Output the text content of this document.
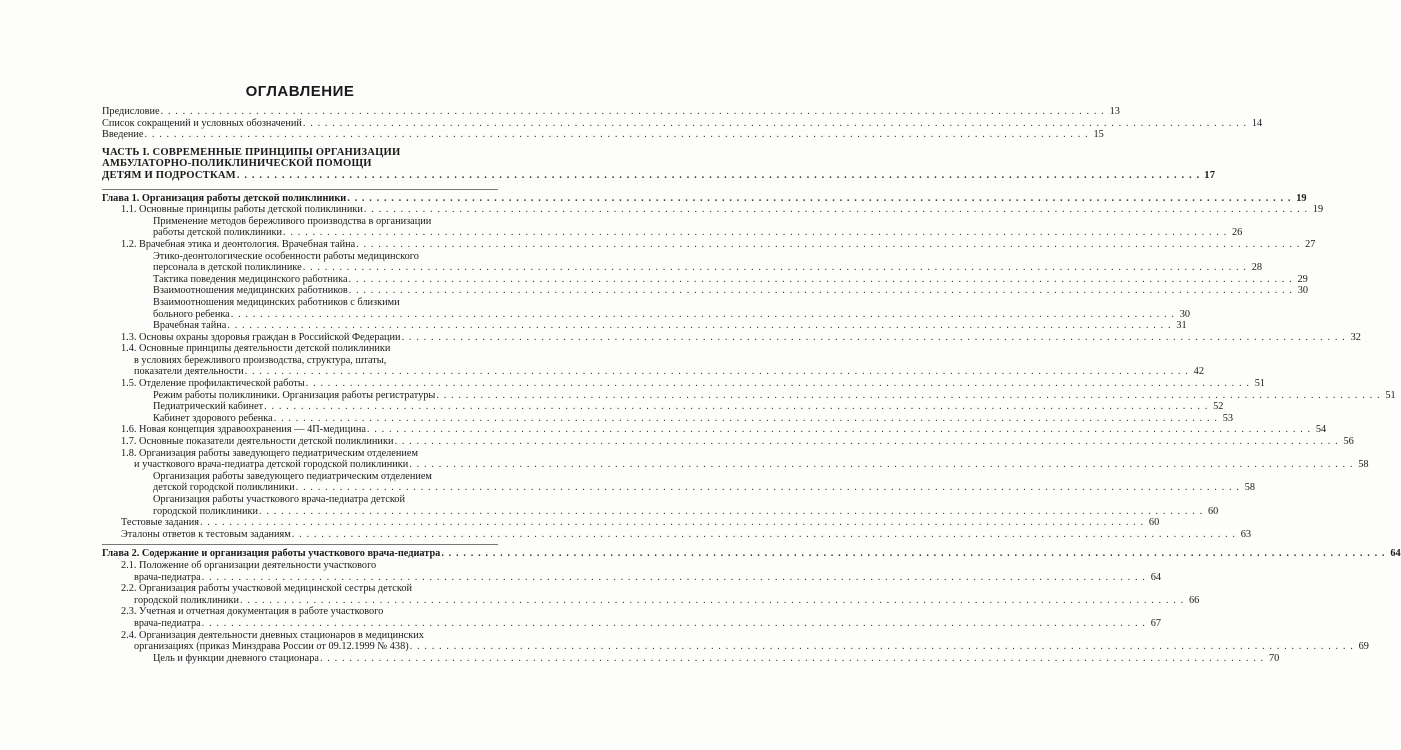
ОГЛАВЛЕНИЕ
Предисловие . . .	13
Список сокращений и условных обозначений . . .	14
Введение . . .	15
ЧАСТЬ I. СОВРЕМЕННЫЕ ПРИНЦИПЫ ОРГАНИЗАЦИИ
АМБУЛАТОРНО-ПОЛИКЛИНИЧЕСКОЙ ПОМОЩИ
ДЕТЯМ И ПОДРОСТКАМ . . .	17
Глава 1. Организация работы детской поликлиники . . .	19
1.1. Основные принципы работы детской поликлиники . . .	19
Применение методов бережливого производства в организации
работы детской поликлиники . . .	26
1.2. Врачебная этика и деонтология. Врачебная тайна . . .	27
Этико-деонтологические особенности работы медицинского
персонала в детской поликлинике . . .	28
Тактика поведения медицинского работника . . .	29
Взаимоотношения медицинских работников . . .	30
Взаимоотношения медицинских работников с близкими
больного ребенка . . .	30
Врачебная тайна . . .	31
1.3. Основы охраны здоровья граждан в Российской Федерации . . .	32
1.4. Основные принципы деятельности детской поликлиники
в условиях бережливого производства, структура, штаты,
показатели деятельности . . .	42
1.5. Отделение профилактической работы . . .	51
Режим работы поликлиники. Организация работы регистратуры . . .	51
Педиатрический кабинет . . .	52
Кабинет здорового ребенка . . .	53
1.6. Новая концепция здравоохранения — 4П-медицина . . .	54
1.7. Основные показатели деятельности детской поликлиники . . .	56
1.8. Организация работы заведующего педиатрическим отделением
и участкового врача-педиатра детской городской поликлиники . . .	58
Организация работы заведующего педиатрическим отделением
детской городской поликлиники . . .	58
Организация работы участкового врача-педиатра детской
городской поликлиники . . .	60
Тестовые задания . . .	60
Эталоны ответов к тестовым заданиям . . .	63
Глава 2. Содержание и организация работы участкового врача-педиатра . . .	64
2.1. Положение об организации деятельности участкового
врача-педиатра . . .	64
2.2. Организация работы участковой медицинской сестры детской
городской поликлиники . . .	66
2.3. Учетная и отчетная документация в работе участкового
врача-педиатра . . .	67
2.4. Организация деятельности дневных стационаров в медицинских
организациях (приказ Минздрава России от 09.12.1999 № 438) . . .	69
Цель и функции дневного стационара . . .	70
